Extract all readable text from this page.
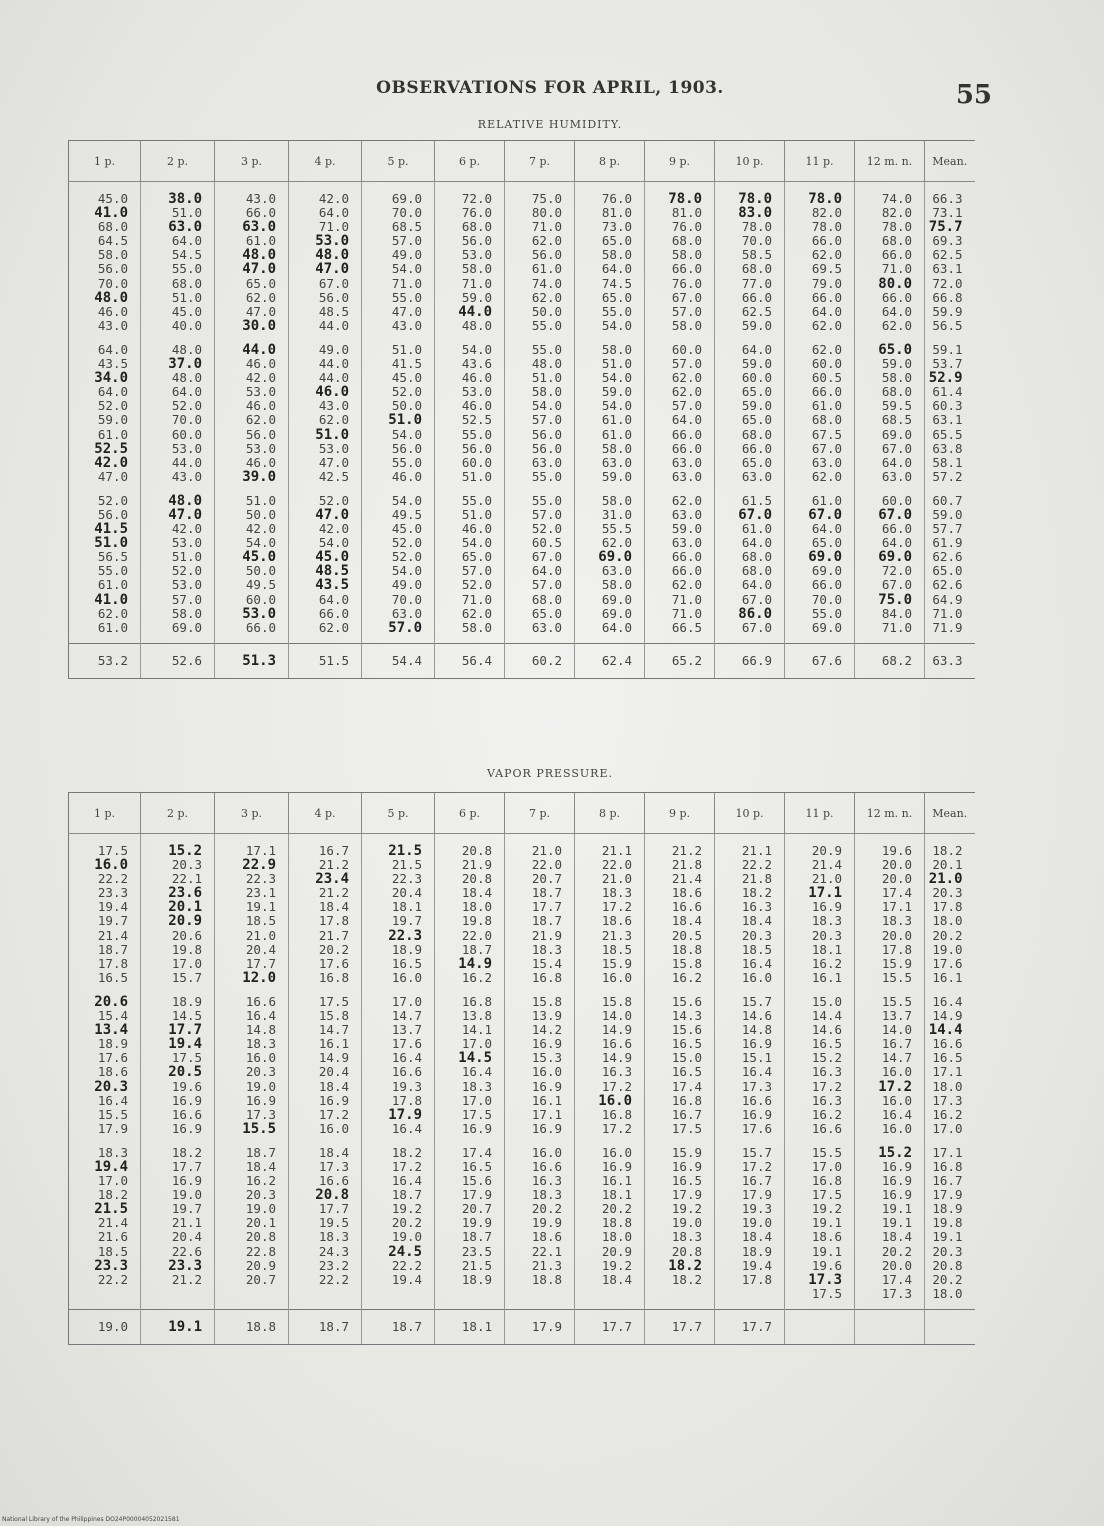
OBSERVATIONS FOR APRIL, 1903.	55
RELATIVE HUMIDITY.
1 p.	2 p.	3 p.	4 p.	5 p.	6 p.	7 p.	8 p.	9 p.	10 p.	11 p.	12 m. n.	Mean.

45.0	38.0	43.0	42.0	69.0	72.0	75.0	76.0	78.0	78.0	78.0	74.0	66.3
41.0	51.0	66.0	64.0	70.0	76.0	80.0	81.0	81.0	83.0	82.0	82.0	73.1
68.0	63.0	63.0	71.0	68.5	68.0	71.0	73.0	76.0	78.0	78.0	78.0	75.7
64.5	64.0	61.0	53.0	57.0	56.0	62.0	65.0	68.0	70.0	66.0	68.0	69.3
58.0	54.5	48.0	48.0	49.0	53.0	56.0	58.0	58.0	58.5	62.0	66.0	62.5
56.0	55.0	47.0	47.0	54.0	58.0	61.0	64.0	66.0	68.0	69.5	71.0	63.1
70.0	68.0	65.0	67.0	71.0	71.0	74.0	74.5	76.0	77.0	79.0	80.0	72.0
48.0	51.0	62.0	56.0	55.0	59.0	62.0	65.0	67.0	66.0	66.0	66.0	66.8
46.0	45.0	47.0	48.5	47.0	44.0	50.0	55.0	57.0	62.5	64.0	64.0	59.9
43.0	40.0	30.0	44.0	43.0	48.0	55.0	54.0	58.0	59.0	62.0	62.0	56.5

64.0	48.0	44.0	49.0	51.0	54.0	55.0	58.0	60.0	64.0	62.0	65.0	59.1
43.5	37.0	46.0	44.0	41.5	43.6	48.0	51.0	57.0	59.0	60.0	59.0	53.7
34.0	48.0	42.0	44.0	45.0	46.0	51.0	54.0	62.0	60.0	60.5	58.0	52.9
64.0	64.0	53.0	46.0	52.0	53.0	58.0	59.0	62.0	65.0	66.0	68.0	61.4
52.0	52.0	46.0	43.0	50.0	46.0	54.0	54.0	57.0	59.0	61.0	59.5	60.3
59.0	70.0	62.0	62.0	51.0	52.5	57.0	61.0	64.0	65.0	68.0	68.5	63.1
61.0	60.0	56.0	51.0	54.0	55.0	56.0	61.0	66.0	68.0	67.5	69.0	65.5
52.5	53.0	53.0	53.0	56.0	56.0	56.0	58.0	66.0	66.0	67.0	67.0	63.8
42.0	44.0	46.0	47.0	55.0	60.0	63.0	63.0	63.0	65.0	63.0	64.0	58.1
47.0	43.0	39.0	42.5	46.0	51.0	55.0	59.0	63.0	63.0	62.0	63.0	57.2

52.0	48.0	51.0	52.0	54.0	55.0	55.0	58.0	62.0	61.5	61.0	60.0	60.7
56.0	47.0	50.0	47.0	49.5	51.0	57.0	31.0	63.0	67.0	67.0	67.0	59.0
41.5	42.0	42.0	42.0	45.0	46.0	52.0	55.5	59.0	61.0	64.0	66.0	57.7
51.0	53.0	54.0	54.0	52.0	54.0	60.5	62.0	63.0	64.0	65.0	64.0	61.9
56.5	51.0	45.0	45.0	52.0	65.0	67.0	69.0	66.0	68.0	69.0	69.0	62.6
55.0	52.0	50.0	48.5	54.0	57.0	64.0	63.0	66.0	68.0	69.0	72.0	65.0
61.0	53.0	49.5	43.5	49.0	52.0	57.0	58.0	62.0	64.0	66.0	67.0	62.6
41.0	57.0	60.0	64.0	70.0	71.0	68.0	69.0	71.0	67.0	70.0	75.0	64.9
62.0	58.0	53.0	66.0	63.0	62.0	65.0	69.0	71.0	86.0	55.0	84.0	71.0
61.0	69.0	66.0	62.0	57.0	58.0	63.0	64.0	66.5	67.0	69.0	71.0	71.9

53.2	52.6	51.3	51.5	54.4	56.4	60.2	62.4	65.2	66.9	67.6	68.2	63.3
VAPOR PRESSURE.
1 p.	2 p.	3 p.	4 p.	5 p.	6 p.	7 p.	8 p.	9 p.	10 p.	11 p.	12 m. n.	Mean.

17.5	15.2	17.1	16.7	21.5	20.8	21.0	21.1	21.2	21.1	20.9	19.6	18.2
16.0	20.3	22.9	21.2	21.5	21.9	22.0	22.0	21.8	22.2	21.4	20.0	20.1
22.2	22.1	22.3	23.4	22.3	20.8	20.7	21.0	21.4	21.8	21.0	20.0	21.0
23.3	23.6	23.1	21.2	20.4	18.4	18.7	18.3	18.6	18.2	17.1	17.4	20.3
19.4	20.1	19.1	18.4	18.1	18.0	17.7	17.2	16.6	16.3	16.9	17.1	17.8
19.7	20.9	18.5	17.8	19.7	19.8	18.7	18.6	18.4	18.4	18.3	18.3	18.0
21.4	20.6	21.0	21.7	22.3	22.0	21.9	21.3	20.5	20.3	20.3	20.0	20.2
18.7	19.8	20.4	20.2	18.9	18.7	18.3	18.5	18.8	18.5	18.1	17.8	19.0
17.8	17.0	17.7	17.6	16.5	14.9	15.4	15.9	15.8	16.4	16.2	15.9	17.6
16.5	15.7	12.0	16.8	16.0	16.2	16.8	16.0	16.2	16.0	16.1	15.5	16.1

20.6	18.9	16.6	17.5	17.0	16.8	15.8	15.8	15.6	15.7	15.0	15.5	16.4
15.4	14.5	16.4	15.8	14.7	13.8	13.9	14.0	14.3	14.6	14.4	13.7	14.9
13.4	17.7	14.8	14.7	13.7	14.1	14.2	14.9	15.6	14.8	14.6	14.0	14.4
18.9	19.4	18.3	16.1	17.6	17.0	16.9	16.6	16.5	16.9	16.5	16.7	16.6
17.6	17.5	16.0	14.9	16.4	14.5	15.3	14.9	15.0	15.1	15.2	14.7	16.5
18.6	20.5	20.3	20.4	16.6	16.4	16.0	16.3	16.5	16.4	16.3	16.0	17.1
20.3	19.6	19.0	18.4	19.3	18.3	16.9	17.2	17.4	17.3	17.2	17.2	18.0
16.4	16.9	16.9	16.9	17.8	17.0	16.1	16.0	16.8	16.6	16.3	16.0	17.3
15.5	16.6	17.3	17.2	17.9	17.5	17.1	16.8	16.7	16.9	16.2	16.4	16.2
17.9	16.9	15.5	16.0	16.4	16.9	16.9	17.2	17.5	17.6	16.6	16.0	17.0

18.3	18.2	18.7	18.4	18.2	17.4	16.0	16.0	15.9	15.7	15.5	15.2	17.1
19.4	17.7	18.4	17.3	17.2	16.5	16.6	16.9	16.9	17.2	17.0	16.9	16.8
17.0	16.9	16.2	16.6	16.4	15.6	16.3	16.1	16.5	16.7	16.8	16.9	16.7
18.2	19.0	20.3	20.8	18.7	17.9	18.3	18.1	17.9	17.9	17.5	16.9	17.9
21.5	19.7	19.0	17.7	19.2	20.7	20.2	20.2	19.2	19.3	19.2	19.1	18.9
21.4	21.1	20.1	19.5	20.2	19.9	19.9	18.8	19.0	19.0	19.1	19.1	19.8
21.6	20.4	20.8	18.3	19.0	18.7	18.6	18.0	18.3	18.4	18.6	18.4	19.1
18.5	22.6	22.8	24.3	24.5	23.5	22.1	20.9	20.8	18.9	19.1	20.2	20.3
23.3	23.3	20.9	23.2	22.2	21.5	21.3	19.2	18.2	19.4	19.6	20.0	20.8
22.2	21.2	20.7	22.2	19.4	18.9	18.8	18.4	18.2	17.8	17.3	17.4	20.2
										17.5	17.3	18.0

19.0	19.1	18.8	18.7	18.7	18.1	17.9	17.7	17.7	17.7			
National Library of the Philippines DO24P00004052021581
